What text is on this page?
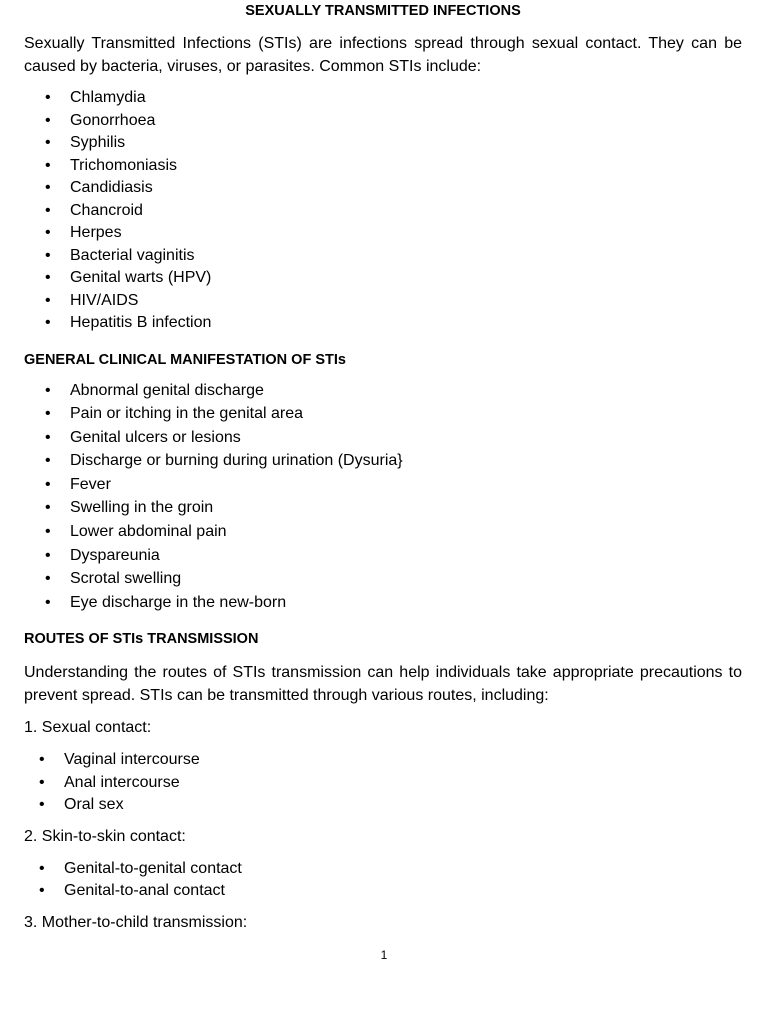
SEXUALLY TRANSMITTED INFECTIONS

Sexually Transmitted Infections (STIs) are infections spread through sexual contact. They can be caused by bacteria, viruses, or parasites. Common STIs include:

• Chlamydia
• Gonorrhoea
• Syphilis
• Trichomoniasis
• Candidiasis
• Chancroid
• Herpes
• Bacterial vaginitis
• Genital warts (HPV)
• HIV/AIDS
• Hepatitis B infection
GENERAL CLINICAL MANIFESTATION OF STIs
• Abnormal genital discharge
• Pain or itching in the genital area
• Genital ulcers or lesions
• Discharge or burning during urination (Dysuria}
• Fever
• Swelling in the groin
• Lower abdominal pain
• Dyspareunia
• Scrotal swelling
• Eye discharge in the new-born
ROUTES OF STIs TRANSMISSION

Understanding the routes of STIs transmission can help individuals take appropriate precautions to prevent spread. STIs can be transmitted through various routes, including:

1. Sexual contact:

• Vaginal intercourse
• Anal intercourse
• Oral sex

2. Skin-to-skin contact:

• Genital-to-genital contact
• Genital-to-anal contact

3. Mother-to-child transmission:

1
